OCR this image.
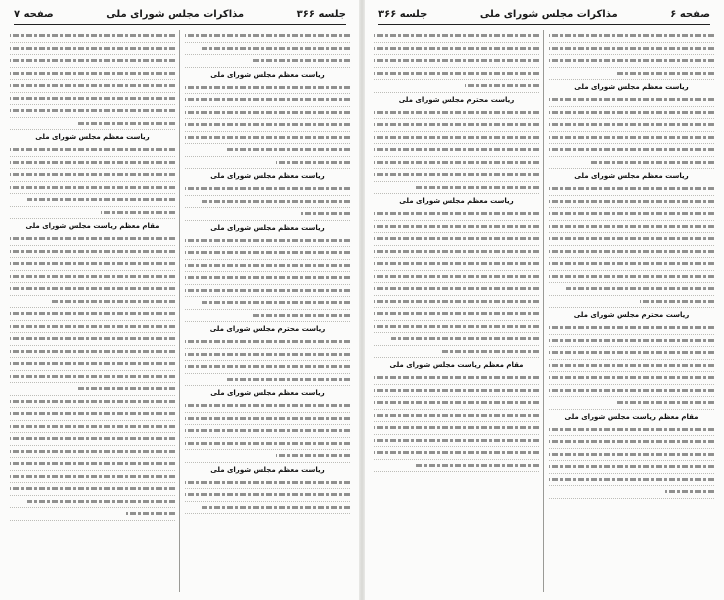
جلسه ۳۶۶
مذاکرات مجلس شورای ملی
صفحه ۷
ریاست معظم مجلس شورای ملی
ریاست معظم مجلس شورای ملی
ریاست معظم مجلس شورای ملی
ریاست محترم مجلس شورای ملی
ریاست معظم مجلس شورای ملی
ریاست معظم مجلس شورای ملی
ریاست معظم مجلس شورای ملی
مقام معظم ریاست مجلس شورای ملی
صفحه ۶
مذاکرات مجلس شورای ملی
جلسه ۳۶۶
ریاست معظم مجلس شورای ملی
ریاست معظم مجلس شورای ملی
ریاست محترم مجلس شورای ملی
مقام معظم ریاست مجلس شورای ملی
ریاست محترم مجلس شورای ملی
ریاست معظم مجلس شورای ملی
مقام معظم ریاست مجلس شورای ملی
